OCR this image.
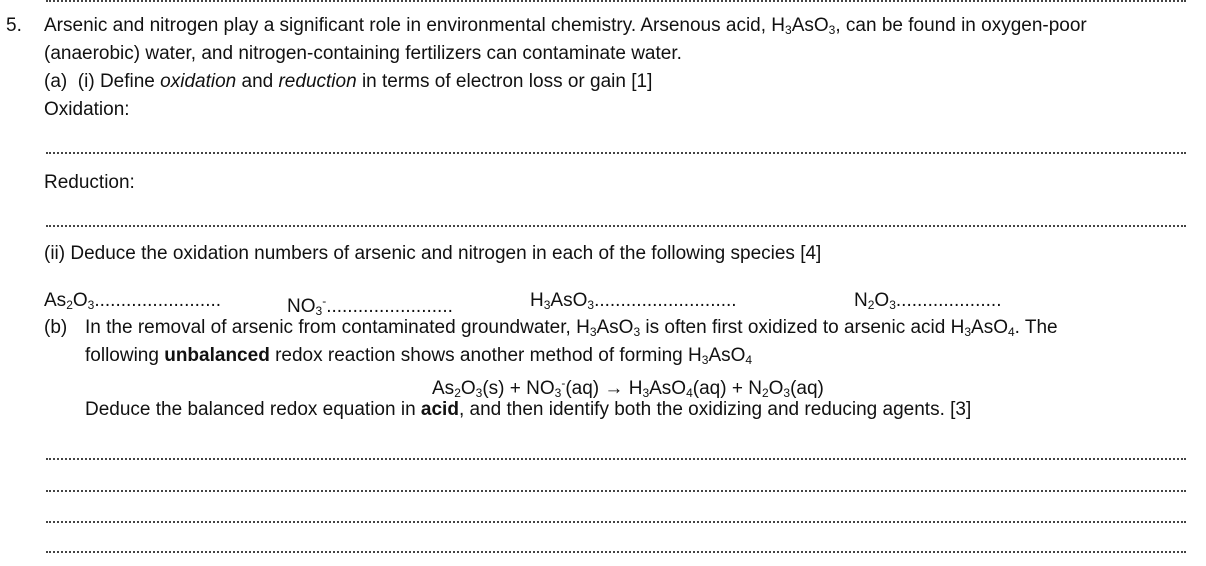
5. Arsenic and nitrogen play a significant role in environmental chemistry. Arsenous acid, $H_3AsO_3$, can be found in oxygen-poor
(anaerobic) water, and nitrogen-containing fertilizers can contaminate water.
(a) (i) Define oxidation and reduction in terms of electron loss or gain [1]
Oxidation:
Reduction:
(ii) Deduce the oxidation numbers of arsenic and nitrogen in each of the following species [4]
$As_2O_3$........................	$NO_3^-$........................	$H_3AsO_3$...........................	$N_2O_3$....................
(b) In the removal of arsenic from contaminated groundwater, $H_3AsO_3$ is often first oxidized to arsenic acid $H_3AsO_4$. The
following unbalanced redox reaction shows another method of forming $H_3AsO_4$
$As_2O_3(s) + NO_3^-(aq) \to H_3AsO_4(aq) + N_2O_3(aq)$
Deduce the balanced redox equation in acid, and then identify both the oxidizing and reducing agents. [3]
